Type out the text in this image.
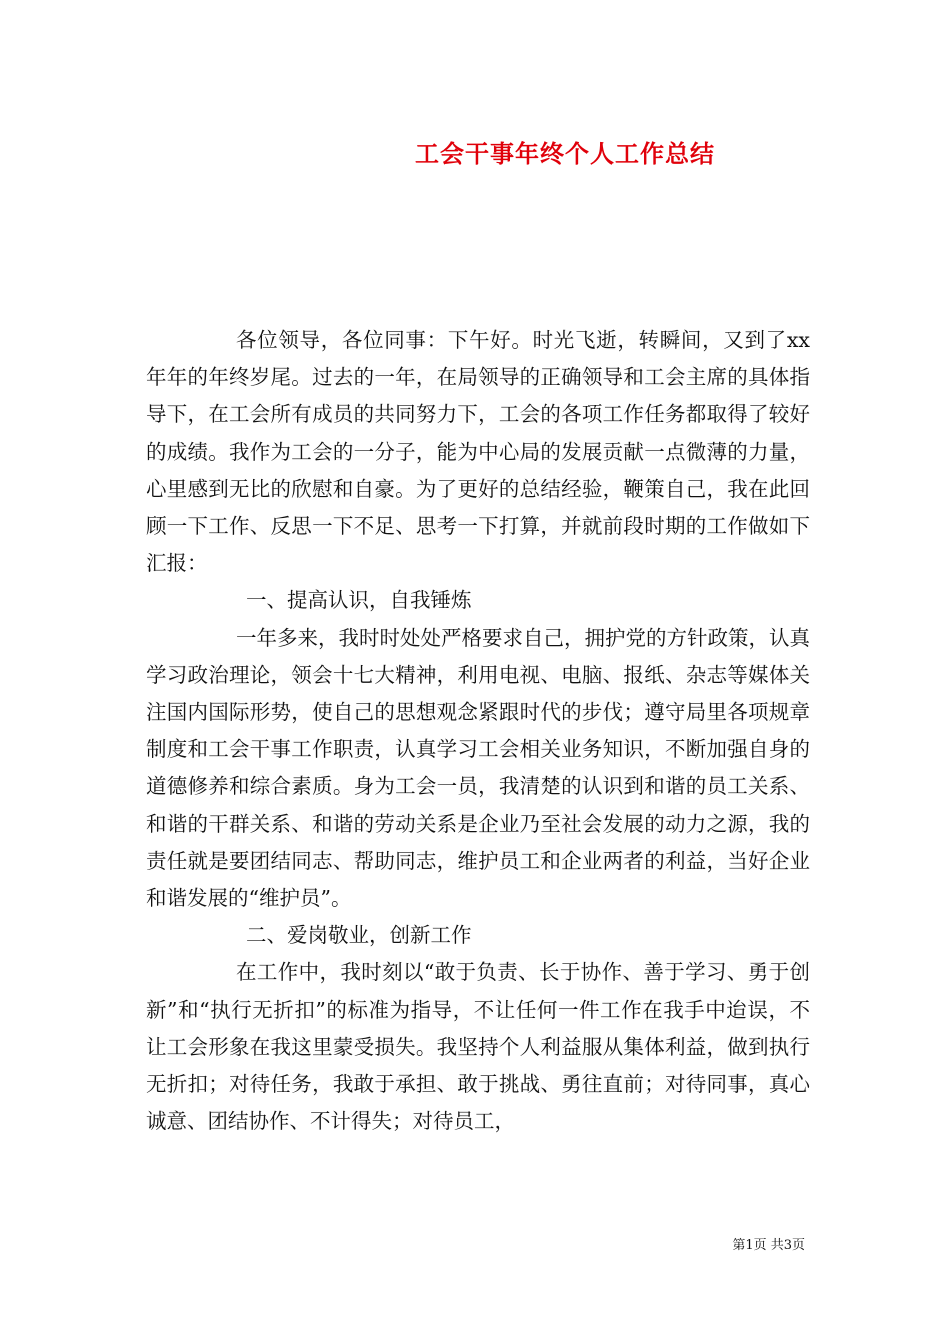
工会干事年终个人工作总结

各位领导，各位同事：下午好。时光飞逝，转瞬间，又到了xx年年的年终岁尾。过去的一年，在局领导的正确领导和工会主席的具体指导下，在工会所有成员的共同努力下，工会的各项工作任务都取得了较好的成绩。我作为工会的一分子，能为中心局的发展贡献一点微薄的力量，心里感到无比的欣慰和自豪。为了更好的总结经验，鞭策自己，我在此回顾一下工作、反思一下不足、思考一下打算，并就前段时期的工作做如下汇报：

一、提高认识，自我锤炼

一年多来，我时时处处严格要求自己，拥护党的方针政策，认真学习政治理论，领会十七大精神，利用电视、电脑、报纸、杂志等媒体关注国内国际形势，使自己的思想观念紧跟时代的步伐；遵守局里各项规章制度和工会干事工作职责，认真学习工会相关业务知识，不断加强自身的道德修养和综合素质。身为工会一员，我清楚的认识到和谐的员工关系、和谐的干群关系、和谐的劳动关系是企业乃至社会发展的动力之源，我的责任就是要团结同志、帮助同志，维护员工和企业两者的利益，当好企业和谐发展的“维护员”。

二、爱岗敬业，创新工作

在工作中，我时刻以“敢于负责、长于协作、善于学习、勇于创新”和“执行无折扣”的标准为指导，不让任何一件工作在我手中迨误，不让工会形象在我这里蒙受损失。我坚持个人利益服从集体利益，做到执行无折扣；对待任务，我敢于承担、敢于挑战、勇往直前；对待同事，真心诚意、团结协作、不计得失；对待员工，

第1页 共3页
